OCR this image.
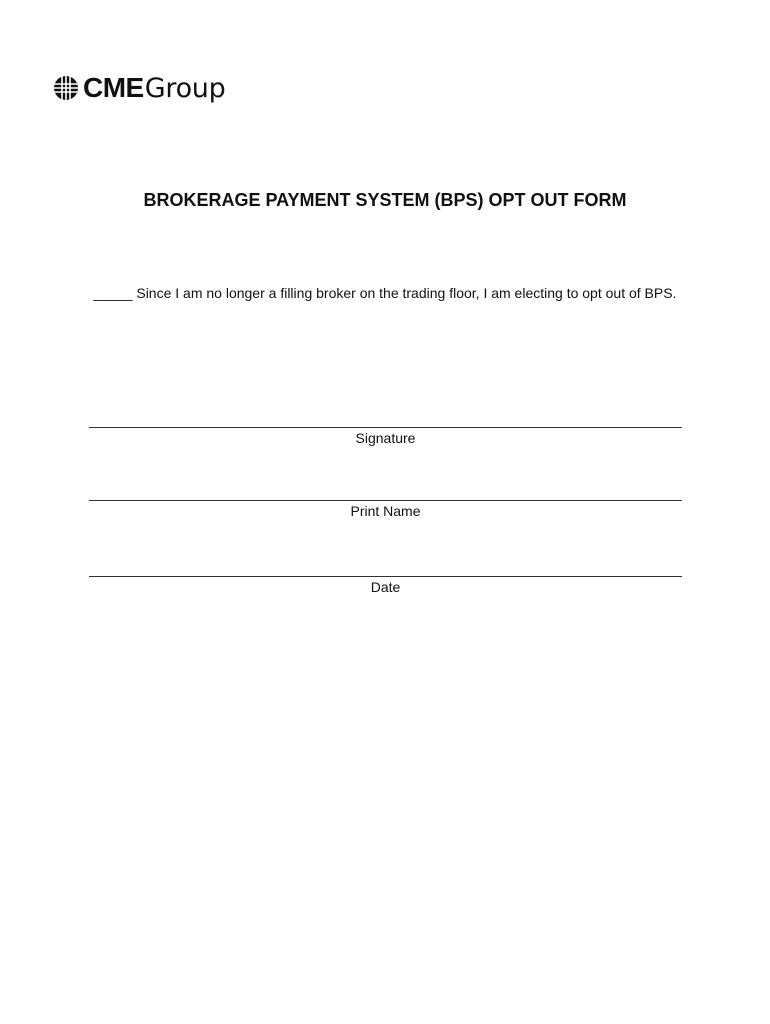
CME Group
BROKERAGE PAYMENT SYSTEM (BPS) OPT OUT FORM
_____ Since I am no longer a filling broker on the trading floor, I am electing to opt out of BPS.
Signature
Print Name
Date
